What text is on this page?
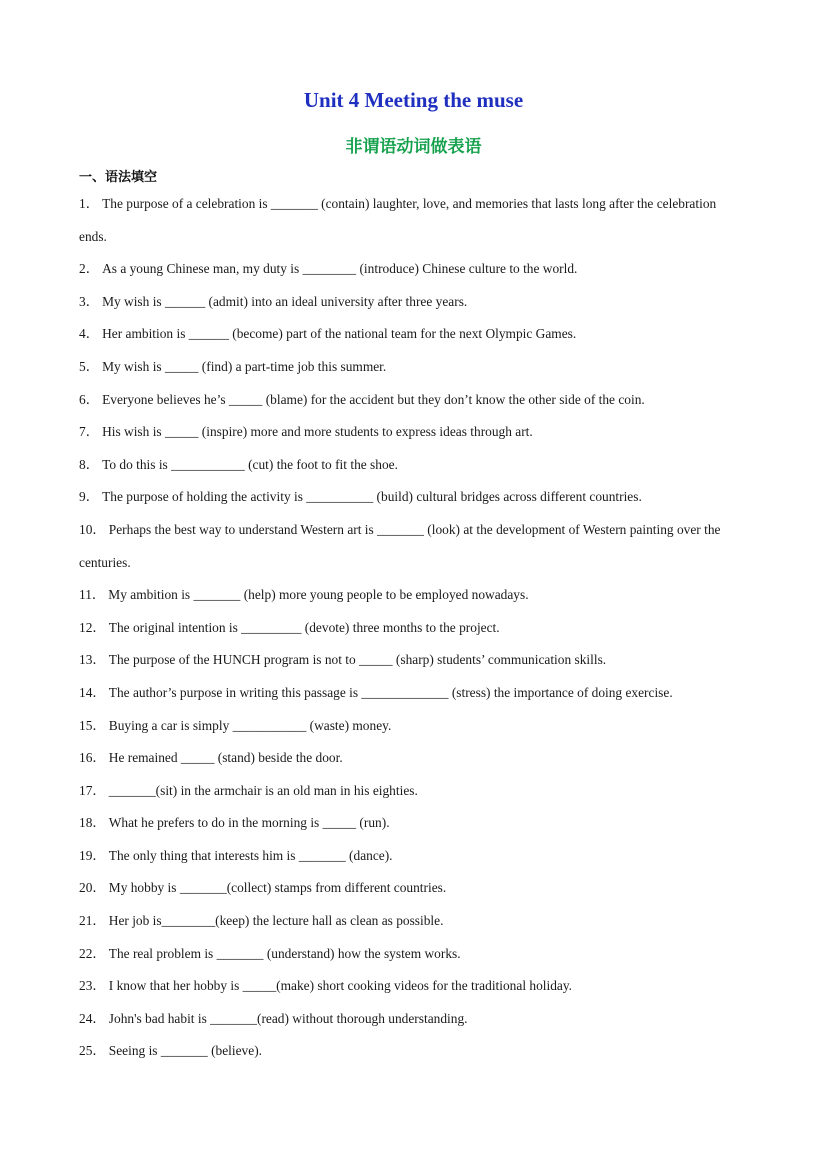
Unit 4 Meeting the muse
非谓语动词做表语
一、语法填空
1． The purpose of a celebration is _______ (contain) laughter, love, and memories that lasts long after the celebration ends.
2． As a young Chinese man, my duty is ________ (introduce) Chinese culture to the world.
3． My wish is ______ (admit) into an ideal university after three years.
4． Her ambition is ______ (become) part of the national team for the next Olympic Games.
5． My wish is _____ (find) a part-time job this summer.
6． Everyone believes he’s _____ (blame) for the accident but they don’t know the other side of the coin.
7． His wish is _____ (inspire) more and more students to express ideas through art.
8． To do this is ___________ (cut) the foot to fit the shoe.
9． The purpose of holding the activity is __________ (build) cultural bridges across different countries.
10． Perhaps the best way to understand Western art is _______ (look) at the development of Western painting over the centuries.
11． My ambition is _______ (help) more young people to be employed nowadays.
12． The original intention is _________ (devote) three months to the project.
13． The purpose of the HUNCH program is not to _____ (sharp) students’ communication skills.
14． The author’s purpose in writing this passage is _____________ (stress) the importance of doing exercise.
15． Buying a car is simply ___________ (waste) money.
16． He remained _____ (stand) beside the door.
17． _______(sit) in the armchair is an old man in his eighties.
18． What he prefers to do in the morning is _____ (run).
19． The only thing that interests him is _______ (dance).
20． My hobby is _______(collect) stamps from different countries.
21． Her job is________(keep) the lecture hall as clean as possible.
22． The real problem is _______ (understand) how the system works.
23． I know that her hobby is _____(make) short cooking videos for the traditional holiday.
24． John's bad habit is _______(read) without thorough understanding.
25． Seeing is _______ (believe).
